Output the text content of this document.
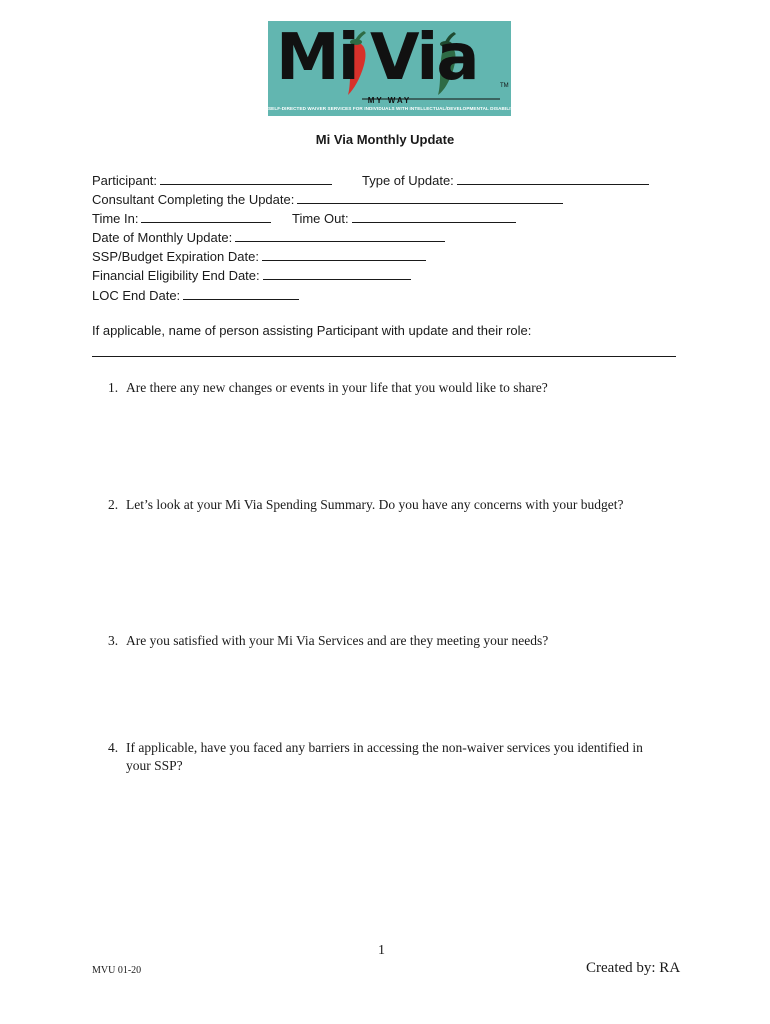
Mi Via	TM
MY WAY
SELF-DIRECTED WAIVER SERVICES FOR INDIVIDUALS WITH INTELLECTUAL/DEVELOPMENTAL DISABILITIES
Mi Via Monthly Update
Participant:	Type of Update:
Consultant Completing the Update:
Time In:	Time Out:
Date of Monthly Update:
SSP/Budget Expiration Date:
Financial Eligibility End Date:
LOC End Date:
If applicable, name of person assisting Participant with update and their role:
1. Are there any new changes or events in your life that you would like to share?
2. Let’s look at your Mi Via Spending Summary. Do you have any concerns with your budget?
3. Are you satisfied with your Mi Via Services and are they meeting your needs?
4. If applicable, have you faced any barriers in accessing the non-waiver services you identified in your SSP?
1
MVU 01-20	Created by: RA
